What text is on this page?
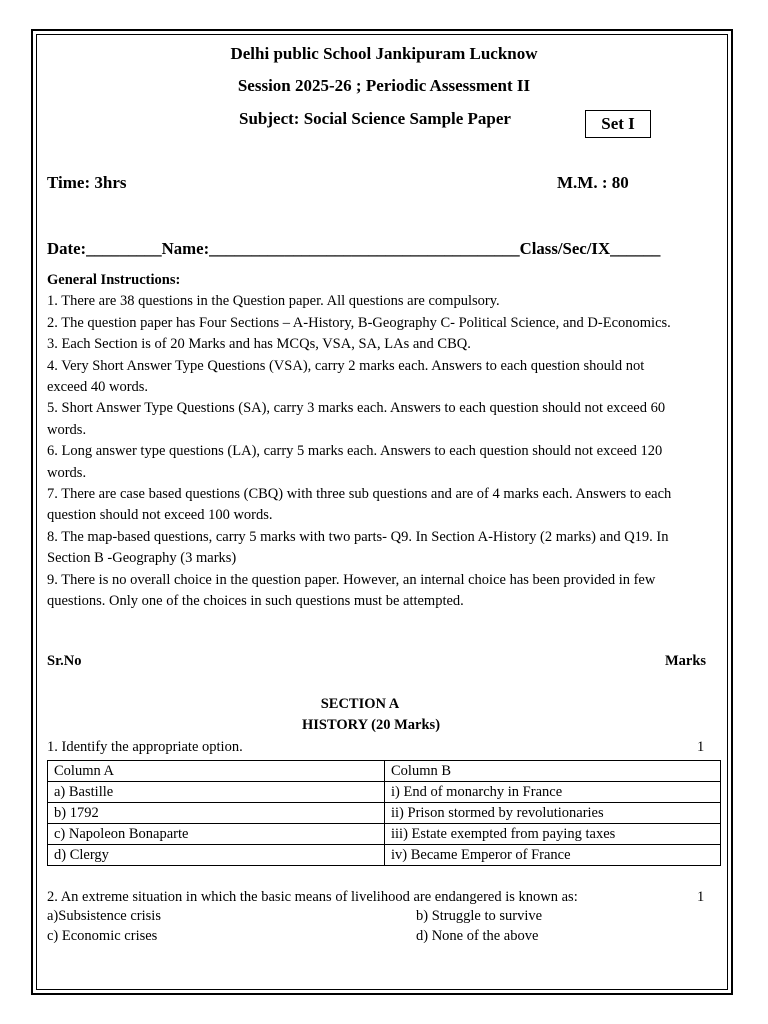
Delhi public School Jankipuram Lucknow
Session 2025-26 ; Periodic Assessment II
Subject: Social Science Sample Paper	Set I
Time: 3hrs	M.M. : 80
Date:_________Name:_____________________________________Class/Sec/IX______

General Instructions:

1. There are 38 questions in the Question paper. All questions are compulsory.

2. The question paper has Four Sections – A-History, B-Geography C- Political Science, and D-Economics.

3. Each Section is of 20 Marks and has MCQs, VSA, SA, LAs and CBQ.

4. Very Short Answer Type Questions (VSA), carry 2 marks each. Answers to each question should not exceed 40 words.

5. Short Answer Type Questions (SA), carry 3 marks each. Answers to each question should not exceed 60 words.

6. Long answer type questions (LA), carry 5 marks each. Answers to each question should not exceed 120 words.

7. There are case based questions (CBQ) with three sub questions and are of 4 marks each. Answers to each question should not exceed 100 words.

8. The map-based questions, carry 5 marks with two parts- Q9. In Section A-History (2 marks) and Q19. In Section B -Geography (3 marks)

9. There is no overall choice in the question paper. However, an internal choice has been provided in few questions. Only one of the choices in such questions must be attempted.

Sr.No	Marks
SECTION A
HISTORY (20 Marks)
1. Identify the appropriate option.	1
Column A	Column B
a) Bastille	i) End of monarchy in France
b) 1792	ii) Prison stormed by revolutionaries
c) Napoleon Bonaparte	iii) Estate exempted from paying taxes
d) Clergy	iv) Became Emperor of France
2. An extreme situation in which the basic means of livelihood are endangered is known as:	1
a)Subsistence crisis	b) Struggle to survive
c) Economic crises	d) None of the above
